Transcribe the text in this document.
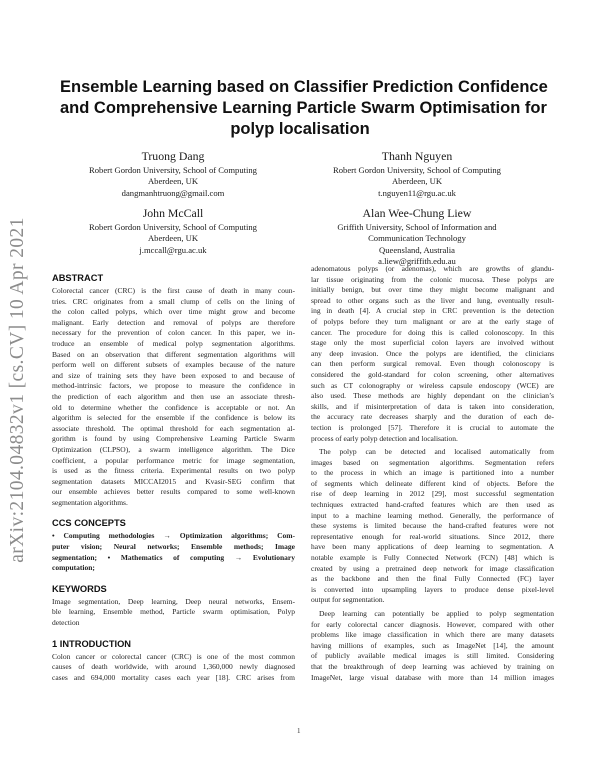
arXiv:2104.04832v1 [cs.CV] 10 Apr 2021
Ensemble Learning based on Classifier Prediction Confidence
and Comprehensive Learning Particle Swarm Optimisation for
polyp localisation
Truong Dang
Robert Gordon University, School of Computing
Aberdeen, UK
dangmanhtruong@gmail.com
Thanh Nguyen
Robert Gordon University, School of Computing
Aberdeen, UK
t.nguyen11@rgu.ac.uk
John McCall
Robert Gordon University, School of Computing
Aberdeen, UK
j.mccall@rgu.ac.uk
Alan Wee-Chung Liew
Griffith University, School of Information and
Communication Technology
Queensland, Australia
a.liew@griffith.edu.au
ABSTRACT
Colorectal cancer (CRC) is the first cause of death in many coun-
tries. CRC originates from a small clump of cells on the lining of
the colon called polyps, which over time might grow and become
malignant. Early detection and removal of polyps are therefore
necessary for the prevention of colon cancer. In this paper, we in-
troduce an ensemble of medical polyp segmentation algorithms.
Based on an observation that different segmentation algorithms will
perform well on different subsets of examples because of the nature
and size of training sets they have been exposed to and because of
method-intrinsic factors, we propose to measure the confidence in
the prediction of each algorithm and then use an associate thresh-
old to determine whether the confidence is acceptable or not. An
algorithm is selected for the ensemble if the confidence is below its
associate threshold. The optimal threshold for each segmentation al-
gorithm is found by using Comprehensive Learning Particle Swarm
Optimization (CLPSO), a swarm intelligence algorithm. The Dice
coefficient, a popular performance metric for image segmentation,
is used as the fitness criteria. Experimental results on two polyp
segmentation datasets MICCAI2015 and Kvasir-SEG confirm that
our ensemble achieves better results compared to some well-known
segmentation algorithms.
CCS CONCEPTS
• Computing methodologies → Optimization algorithms; Com-
puter vision; Neural networks; Ensemble methods; Image
segmentation; • Mathematics of computing → Evolutionary
computation;
KEYWORDS
Image segmentation, Deep learning, Deep neural networks, Ensem-
ble learning, Ensemble method, Particle swarm optimisation, Polyp
detection
1 INTRODUCTION
Colon cancer or colorectal cancer (CRC) is one of the most common
causes of death worldwide, with around 1,360,000 newly diagnosed
cases and 694,000 mortality cases each year [18]. CRC arises from
adenomatous polyps (or adenomas), which are growths of glandu-
lar tissue originating from the colonic mucosa. These polyps are
initially benign, but over time they might become malignant and
spread to other organs such as the liver and lung, eventually result-
ing in death [4]. A crucial step in CRC prevention is the detection
of polyps before they turn malignant or are at the early stage of
cancer. The procedure for doing this is called colonoscopy. In this
stage only the most superficial colon layers are involved without
any deep invasion. Once the polyps are identified, the clinicians
can then perform surgical removal. Even though colonoscopy is
considered the gold-standard for colon screening, other alternatives
such as CT colonography or wireless capsule endoscopy (WCE) are
also used. These methods are highly dependant on the clinician’s
skills, and if misinterpretation of data is taken into consideration,
the accuracy rate decreases sharply and the duration of each de-
tection is prolonged [57]. Therefore it is crucial to automate the
process of early polyp detection and localisation.
The polyp can be detected and localised automatically from
images based on segmentation algorithms. Segmentation refers
to the process in which an image is partitioned into a number
of segments which delineate different kind of objects. Before the
rise of deep learning in 2012 [29], most successful segmentation
techniques extracted hand-crafted features which are then used as
input to a machine learning method. Generally, the performance of
these systems is limited because the hand-crafted features were not
representative enough for real-world situations. Since 2012, there
have been many applications of deep learning to segmentation. A
notable example is Fully Connected Network (FCN) [48] which is
created by using a pretrained deep network for image classification
as the backbone and then the final Fully Connected (FC) layer
is converted into upsampling layers to produce dense pixel-level
output for segmentation.
Deep learning can potentially be applied to polyp segmentation
for early colorectal cancer diagnosis. However, compared with other
problems like image classification in which there are many datasets
having millions of examples, such as ImageNet [14], the amount
of publicly available medical images is still limited. Considering
that the breakthrough of deep learning was achieved by training on
ImageNet, large visual database with more than 14 million images
1
